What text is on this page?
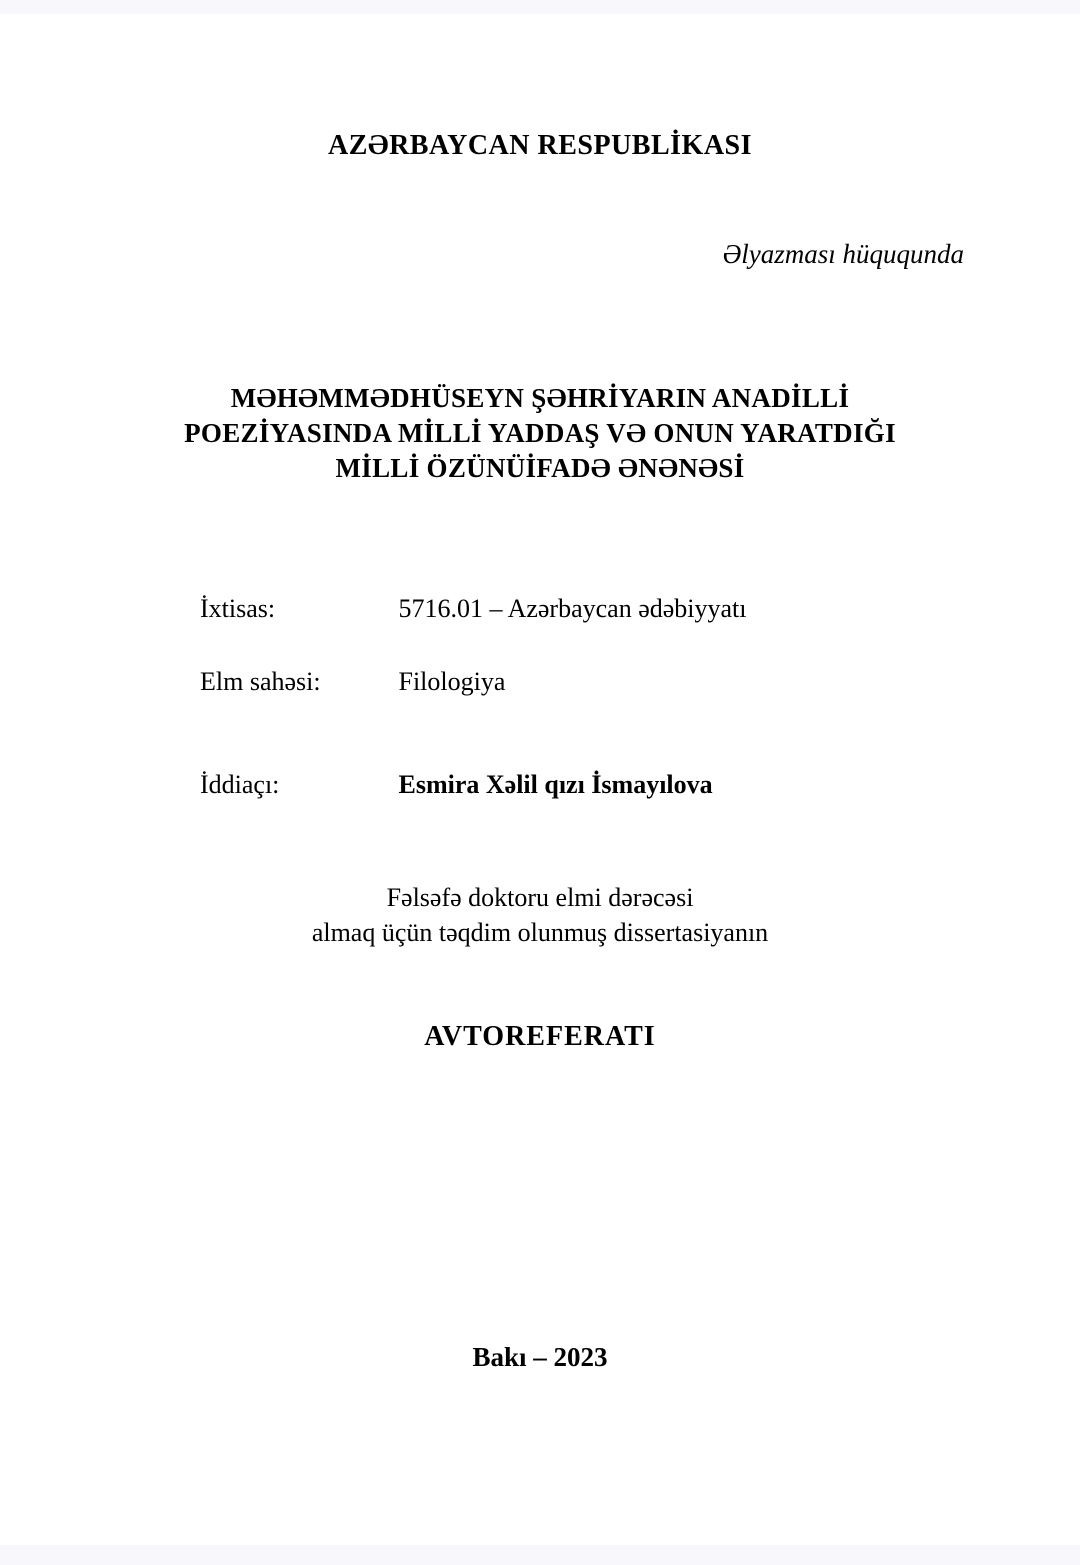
AZƏRBAYCAN RESPUBLİKASI
Əlyazması hüququnda
MƏHƏMMƏDHÜSEYN ŞƏHRİYARIN ANADİLLİ
POEZİYASINDA MİLLİ YADDAŞ VƏ ONUN YARATDIĞI
MİLLİ ÖZÜNÜİFADƏ ƏNƏNƏSİ
İxtisas:	5716.01 – Azərbaycan ədəbiyyatı
Elm sahəsi:	Filologiya
İddiaçı:	Esmira Xəlil qızı İsmayılova
Fəlsəfə doktoru elmi dərəcəsi
almaq üçün təqdim olunmuş dissertasiyanın
AVTOREFERATI
Bakı – 2023
